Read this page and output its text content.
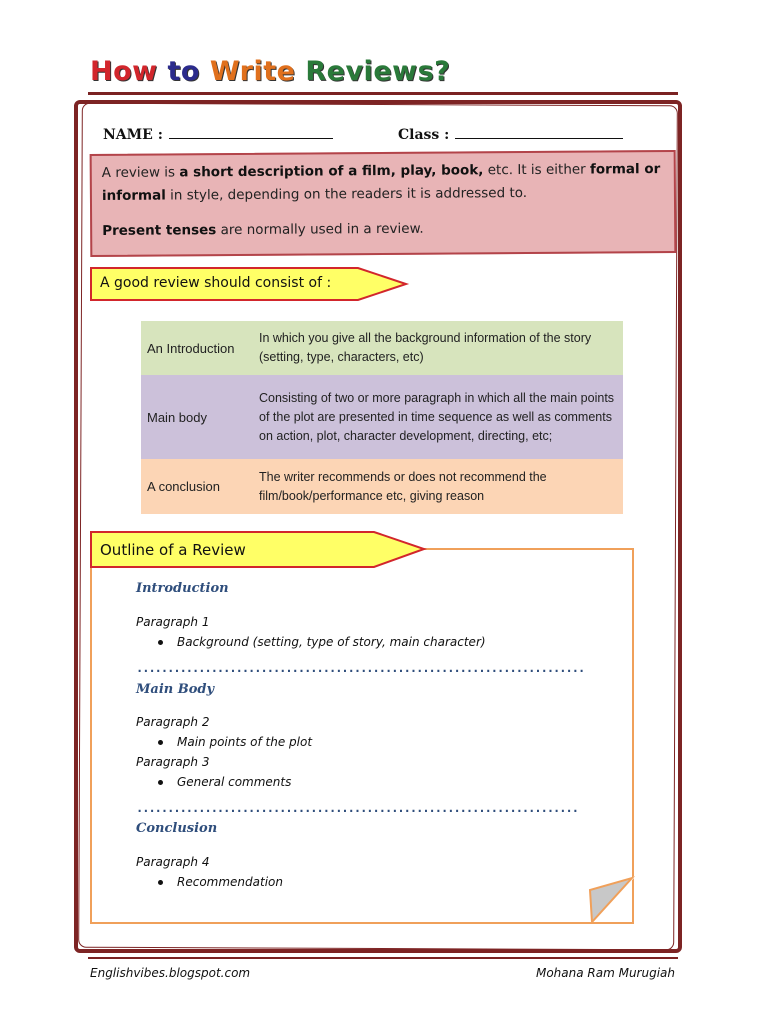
How to Write Reviews?
NAME :	Class :

A review is a short description of a film, play, book, etc. It is either formal or informal in style, depending on the readers it is addressed to.

Present tenses are normally used in a review.

A good review should consist of :
An Introduction	In which you give all the background information of the story (setting, type, characters, etc)
Main body	Consisting of two or more paragraph in which all the main points of the plot are presented in time sequence as well as comments on action, plot, character development, directing, etc;
A conclusion	The writer recommends or does not recommend the film/book/performance etc, giving reason
Outline of a Review
Introduction
Paragraph 1
Background (setting, type of story, main character)
........................................................................
Main Body
Paragraph 2
Main points of the plot
Paragraph 3
General comments
.......................................................................
Conclusion
Paragraph 4
Recommendation
Englishvibes.blogspot.com	Mohana Ram Murugiah
